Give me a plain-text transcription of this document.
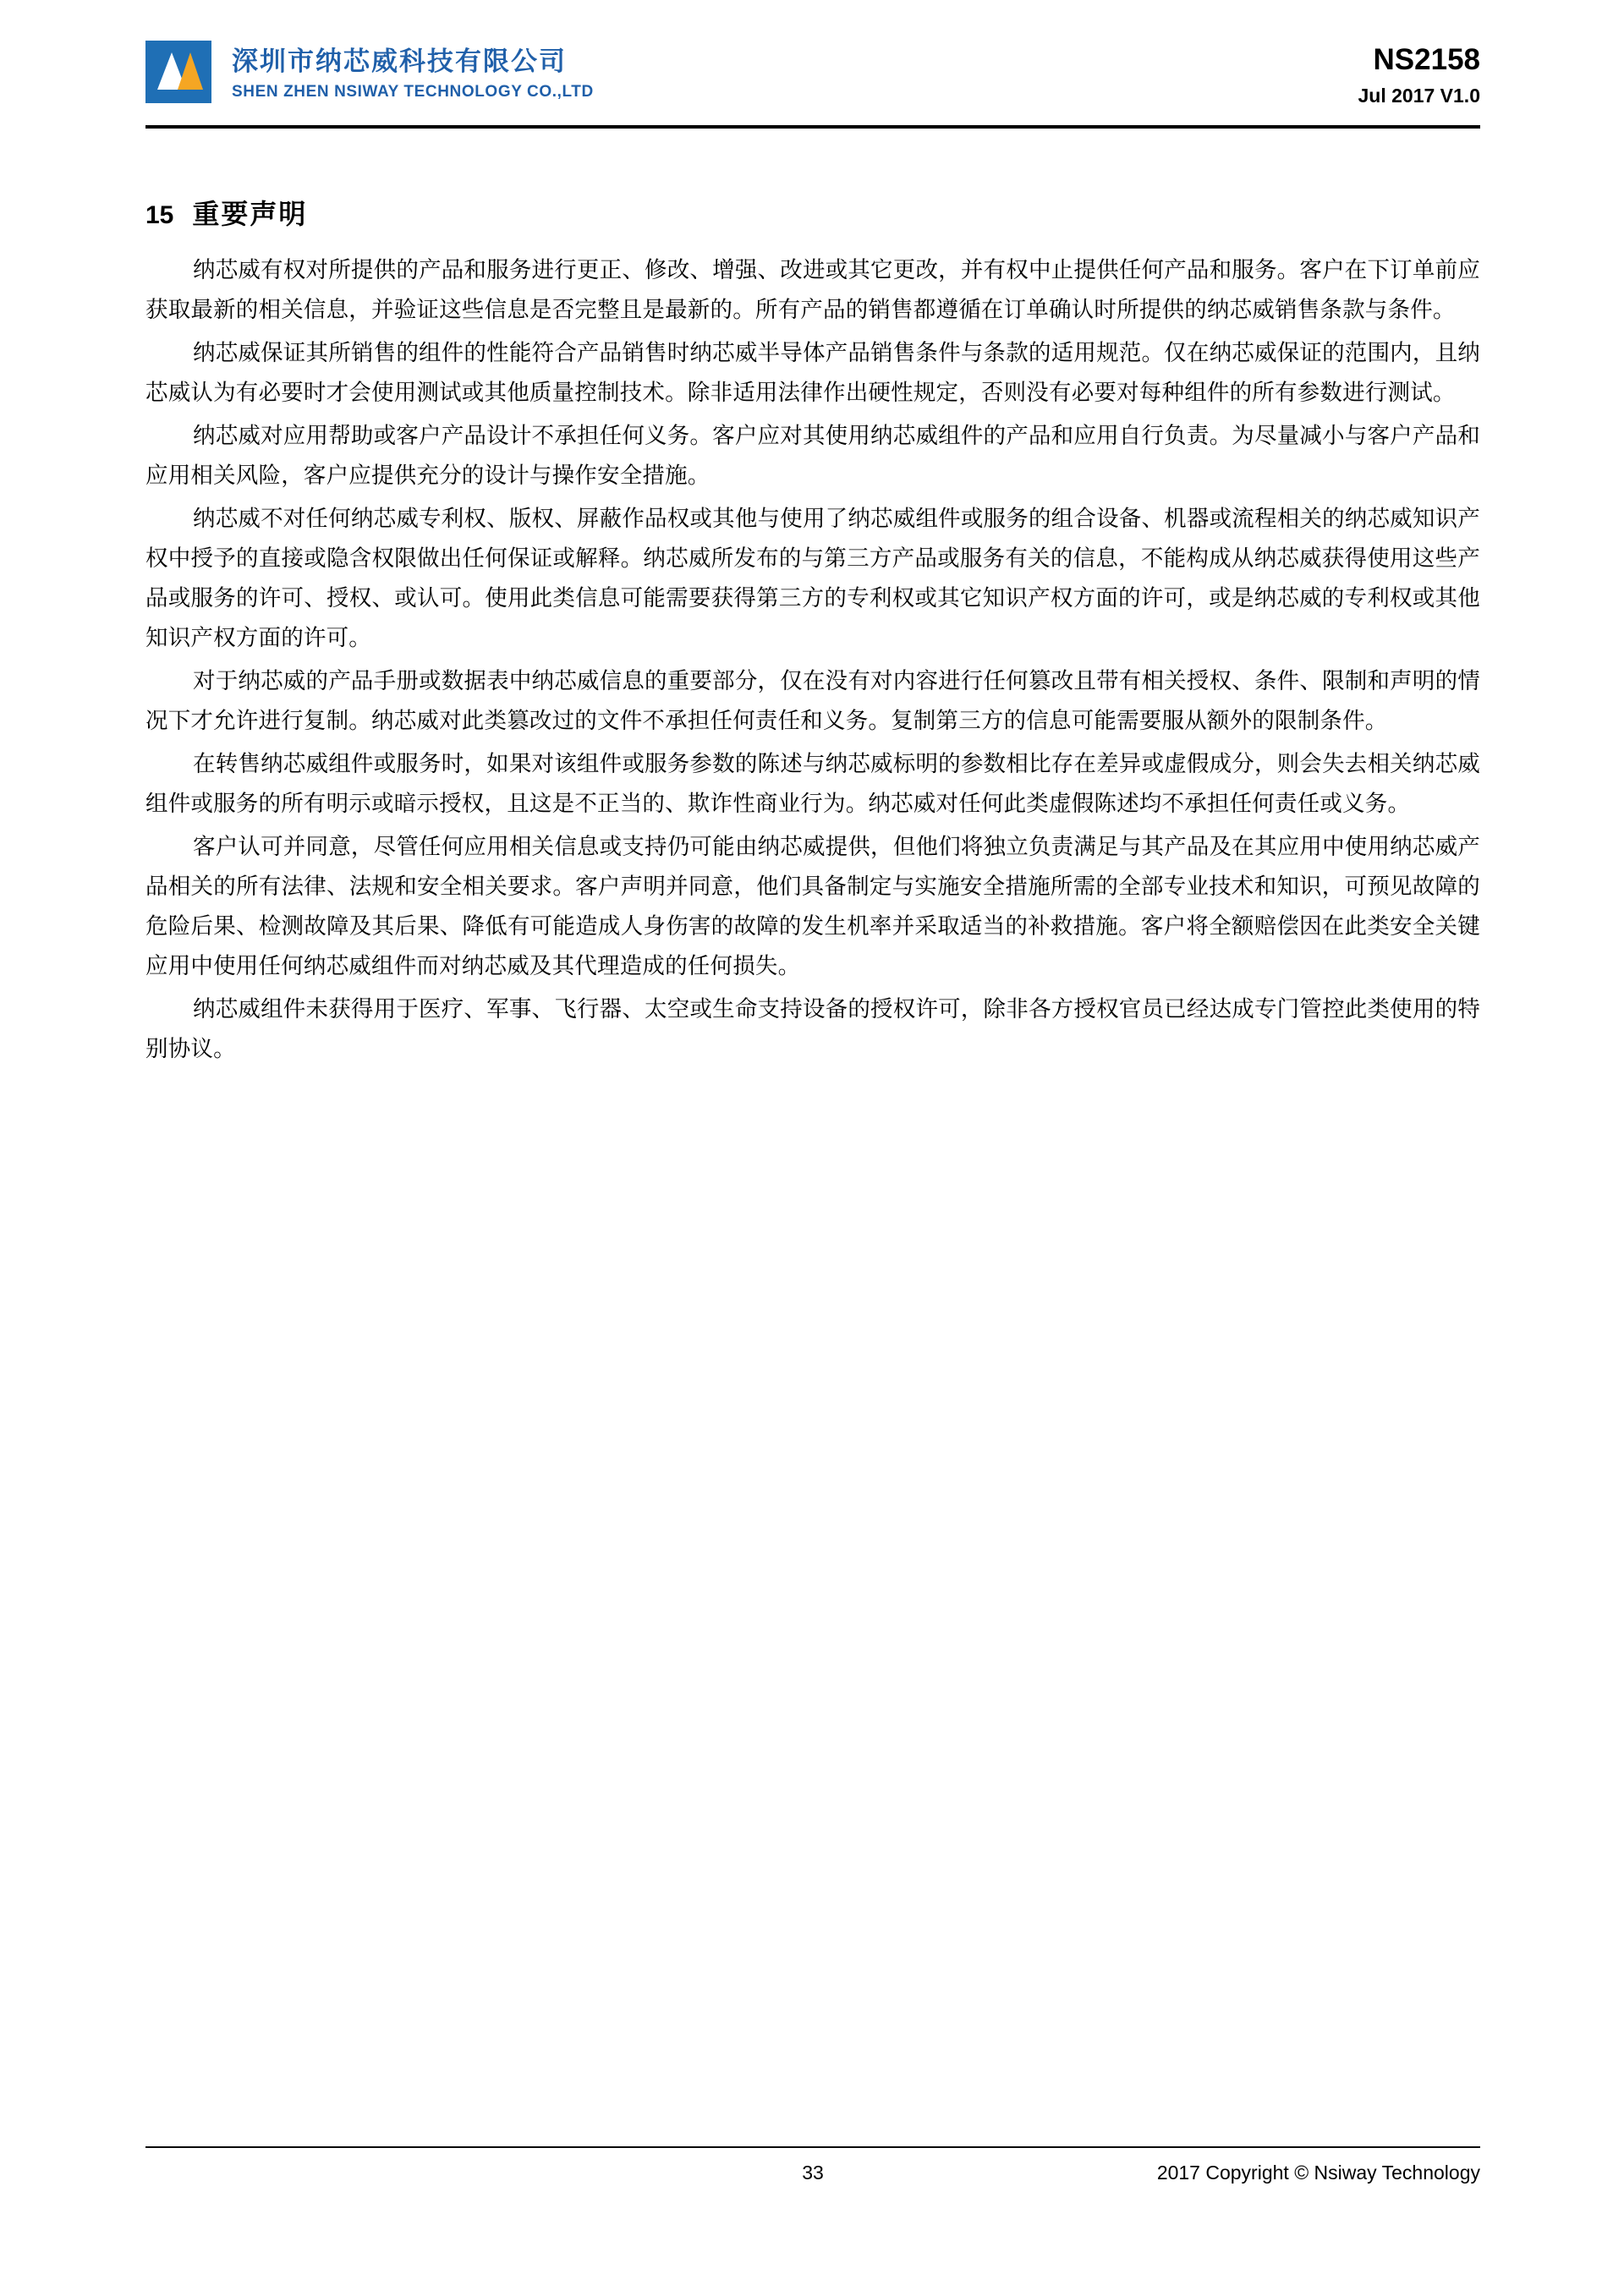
深圳市纳芯威科技有限公司
SHEN ZHEN NSIWAY TECHNOLOGY CO.,LTD
NS2158
Jul 2017 V1.0
15 重要声明

纳芯威有权对所提供的产品和服务进行更正、修改、增强、改进或其它更改，并有权中止提供任何产品和服务。客户在下订单前应获取最新的相关信息，并验证这些信息是否完整且是最新的。所有产品的销售都遵循在订单确认时所提供的纳芯威销售条款与条件。

纳芯威保证其所销售的组件的性能符合产品销售时纳芯威半导体产品销售条件与条款的适用规范。仅在纳芯威保证的范围内，且纳芯威认为有必要时才会使用测试或其他质量控制技术。除非适用法律作出硬性规定，否则没有必要对每种组件的所有参数进行测试。

纳芯威对应用帮助或客户产品设计不承担任何义务。客户应对其使用纳芯威组件的产品和应用自行负责。为尽量减小与客户产品和应用相关风险，客户应提供充分的设计与操作安全措施。

纳芯威不对任何纳芯威专利权、版权、屏蔽作品权或其他与使用了纳芯威组件或服务的组合设备、机器或流程相关的纳芯威知识产权中授予的直接或隐含权限做出任何保证或解释。纳芯威所发布的与第三方产品或服务有关的信息，不能构成从纳芯威获得使用这些产品或服务的许可、授权、或认可。使用此类信息可能需要获得第三方的专利权或其它知识产权方面的许可，或是纳芯威的专利权或其他知识产权方面的许可。

对于纳芯威的产品手册或数据表中纳芯威信息的重要部分，仅在没有对内容进行任何篡改且带有相关授权、条件、限制和声明的情况下才允许进行复制。纳芯威对此类篡改过的文件不承担任何责任和义务。复制第三方的信息可能需要服从额外的限制条件。

在转售纳芯威组件或服务时，如果对该组件或服务参数的陈述与纳芯威标明的参数相比存在差异或虚假成分，则会失去相关纳芯威组件或服务的所有明示或暗示授权，且这是不正当的、欺诈性商业行为。纳芯威对任何此类虚假陈述均不承担任何责任或义务。

客户认可并同意，尽管任何应用相关信息或支持仍可能由纳芯威提供，但他们将独立负责满足与其产品及在其应用中使用纳芯威产品相关的所有法律、法规和安全相关要求。客户声明并同意，他们具备制定与实施安全措施所需的全部专业技术和知识，可预见故障的危险后果、检测故障及其后果、降低有可能造成人身伤害的故障的发生机率并采取适当的补救措施。客户将全额赔偿因在此类安全关键应用中使用任何纳芯威组件而对纳芯威及其代理造成的任何损失。

纳芯威组件未获得用于医疗、军事、飞行器、太空或生命支持设备的授权许可，除非各方授权官员已经达成专门管控此类使用的特别协议。

33	2017 Copyright © Nsiway Technology
